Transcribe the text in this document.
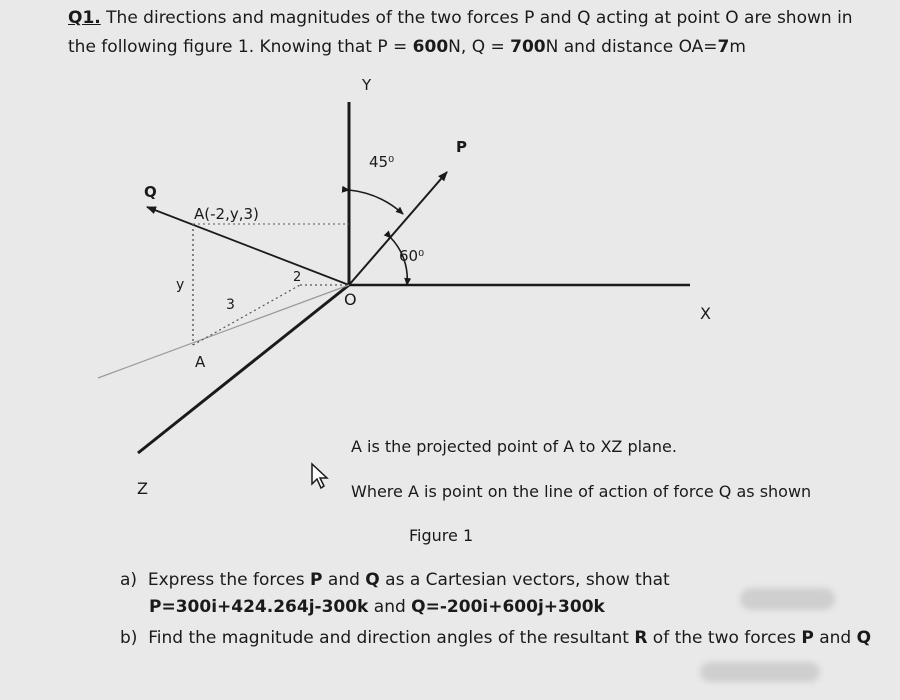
Q1. The directions and magnitudes of the two forces P and Q acting at point O are shown in
the following figure 1. Knowing that P = 600N, Q = 700N and distance OA=7m
Y
X
Z
O
P
Q
45⁰
60⁰
A(-2,y,3)
A
y
3
2
A is the projected point of A to XZ plane.
Where A is point on the line of action of force Q as shown
Figure 1
a) Express the forces P and Q as a Cartesian vectors, show that
P=300i+424.264j-300k and Q=-200i+600j+300k
b) Find the magnitude and direction angles of the resultant R of the two forces P and Q
